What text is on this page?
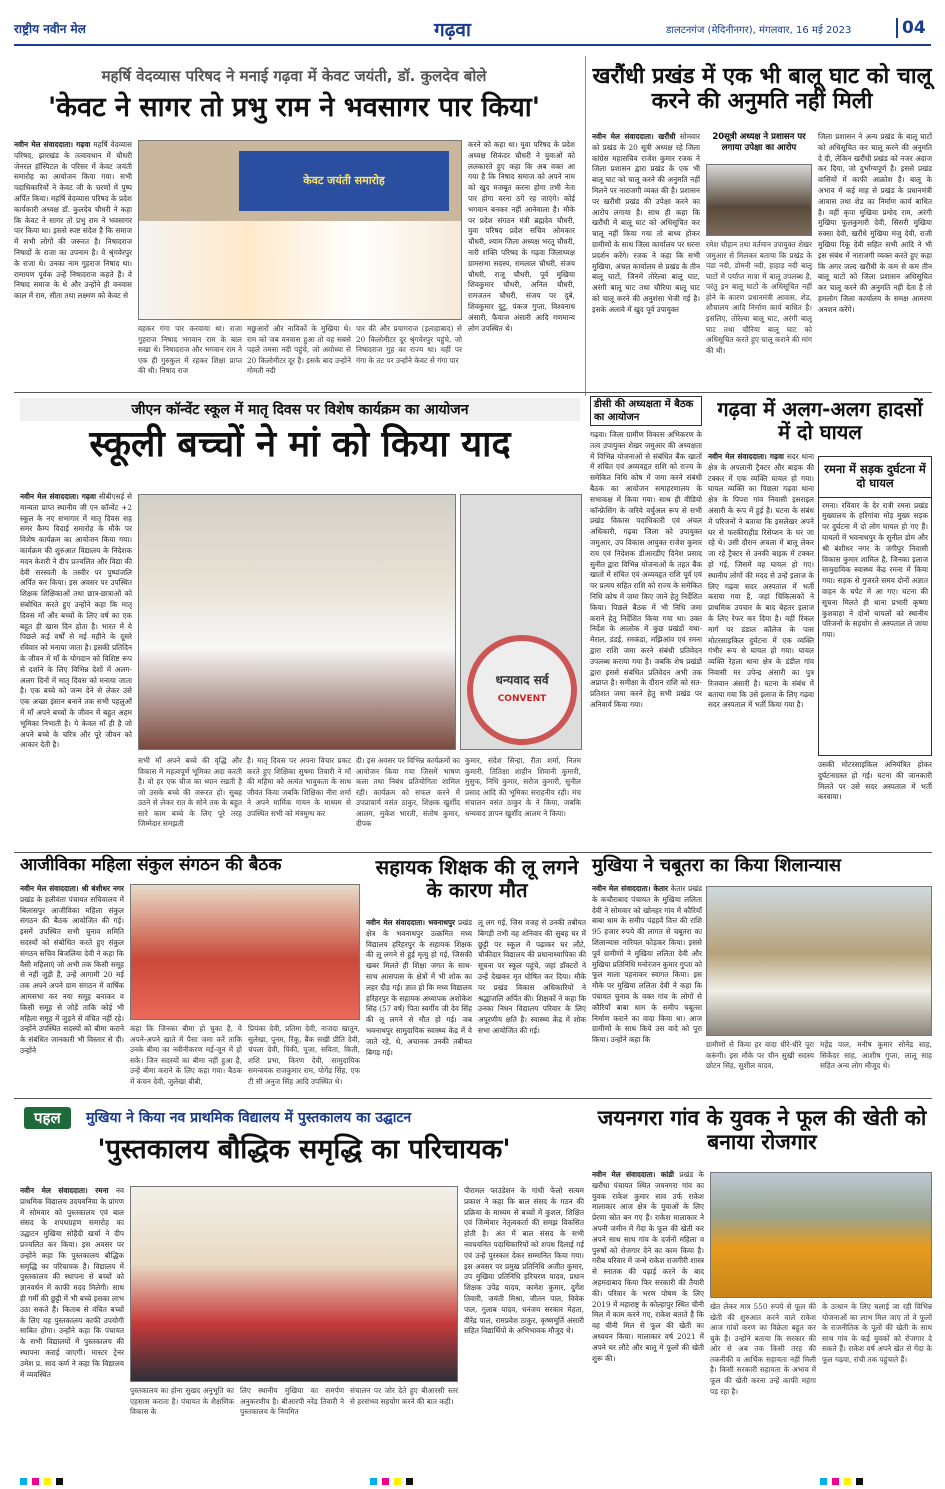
राष्ट्रीय नवीन मेल	गढ़वा	डालटनगंज (मेदिनीनगर), मंगलवार, 16 मई 2023	04
महर्षि वेदव्यास परिषद ने मनाई गढ़वा में केवट जयंती, डॉ. कुलदेव बोले
'केवट ने सागर तो प्रभु राम ने भवसागर पार किया'
नवीन मेल संवाददाता। गढ़वा महर्षि वेदव्यास परिषद, झारखंड के तत्वावधान में चौधरी जेनरल हॉस्पिटल के परिसर में केवट जयंती समारोह का आयोजन किया गया। सभी पदाधिकारियों ने केवट जी के चरणों में पुष्प अर्पित किया। महर्षि वेदव्यास परिषद के प्रदेश कार्यकारी अध्यक्ष डॉ. कुलदेव चौधरी ने कहा कि केवट ने सागर तो प्रभु राम ने भवसागर पार किया था। इससे स्पष्ट संदेश है कि समाज में सभी लोगों की जरूरत है। निषादराज निषादों के राजा का उपनाम है। वे श्रृंगवेरपुर के राजा थे। उनका नाम गुहराज निषाद था। रामायण पूर्वक उन्हें निषादराज कहते हैं। वे निषाद समाज के थे और उन्होंने ही वनवास काल में राम, सीता तथा लक्ष्मण को केवट से
केवट जयंती समारोह
करने को कहा था। युवा परिषद के प्रदेश अध्यक्ष सिकंदर चौधरी ने युवाओं को ललकारते हुए कहा कि अब वक्त आ गया है कि निषाद समाज को अपने नाम को खुद मजबूत करना होगा तभी नेता पार होगा वरना ठगे रह जाएंगे। कोई भगवान बनकर नहीं आनेवाला है। मौके पर प्रदेश संगठन मंत्री ब्रह्मदेव चौधरी, युवा परिषद प्रदेश सचिव ओमकार चौधरी, श्याम जिला अध्यक्ष भरतू चौधरी, नारी शक्ति परिषद के गढ़वा जिलाध्यक्ष ग्रामसभा सदस्य, रामलाल चौधरी, संजय चौधरी, राजू चौधरी, पूर्व मुखिया शिवकुमार चौधरी, अनिल चौधरी, रामजतन चौधरी, संजय पर दुबे, शिवकुमार दुटु, पंकज गुप्ता, विश्वनाथ अंसारी, फैयाज अंसारी आदि गणमान्य लोग उपस्थित थे।
वहकर गंगा पार करवाया था। राजा गुहराज निषाद भगवान राम के बाल सखा थे। निषादराज और भगवान राम ने एक ही गुरुकुल में रहकर शिक्षा प्राप्त की थी। निषाद राज
मछुआरों और नाविकों के मुखिया थे। राम को जब वनवास हुआ तो वह सबसे पहले तमसा नदी पहुंचे, जो अयोध्या से 20 किलोमीटर दूर है। इसके बाद उन्होंने गोमती नदी
पार की और प्रयागराज (इलाहाबाद) से 20 किलोमीटर दूर श्रृंगवेरपुर पहुंचे, जो निषादराज गुह का राज्य था। यहीं पर गंगा के तट पर उन्होंने केवट से गंगा पार
खरौंधी प्रखंड में एक भी बालू घाट को चालू करने की अनुमति नहीं मिली
नवीन मेल संवाददाता। खरौंधी सोमवार को प्रखंड के 20 सूत्री अध्यक्ष रहे जिला कांग्रेस महासचिव राजेश कुमार रजक ने जिला प्रशासन द्वारा प्रखंड के एक भी बालू घाट को चालू करने की अनुमति नहीं मिलने पर नाराजगी व्यक्त की है। प्रशासन पर खरौंधी प्रखंड की उपेक्षा करने का आरोप लगाया है। साथ ही कहा कि खरौंधी में बालू घाट को अधिसूचित कर चालू नहीं किया गया तो बाध्य होकर ग्रामीणों के साथ जिला कार्यालय पर धरना प्रदर्शन करेंगे। रजक ने कहा कि सभी मुखिया, अंचल कार्यालय से प्रखंड के तीन बालू घाटों, जिनमें तोरेल्वा बालू घाट, अरंगी बालू घाट तथा चौरिया बालू घाट को चालू करने की अनुशंसा भेजी गई है। इसके अलावे में खुद पूर्व उपायुक्त
20सूत्री अध्यक्ष ने प्रशासन पर लगाया उपेक्षा का आरोप
रमेश चौहान तथा वर्तमान उपायुक्त शेखर जमुआर से मिलकर बताया कि प्रखंड के पंडा नदी, डोमनी नदी, हाहाड़ नदी बालू घाटों में पर्याप्त मात्रा में बालू उपलब्ध है, परंतु इन बालू घाटों के अधिसूचित नहीं होने के कारण प्रधानमंत्री आवास, शेड, शौचालय आदि निर्माण कार्य बाधित है। इसलिए, तोरेल्वा बालू घाट, अरंगी बालू घाट तथा चौरिया बालू घाट को अधिसूचित करते हुए चालू कराने की मांग की थी।
जिला प्रशासन ने अन्य प्रखंड के बालू घाटों को अधिसूचित कर चालू करने की अनुमति दे दी, लेकिन खरौंधी प्रखंड को नजर अंदाज कर दिया, जो दुर्भाग्यपूर्ण है। इससे प्रखंड वासियों में काफी आक्रोश है। बालू के अभाव में कई माह से प्रखंड के प्रधानमंत्री आवास तथा शेड का निर्माण कार्य बाधित है। वहीं कृपा मुखिया प्रमोद राम, अरंगी मुखिया फूलकुमारी देवी, सिसरी मुखिया रुक्सा देवी, खरौंधे मुखिया मंजु देवी, राजी मुखिया रिंकू देवी सहित सभी आदि ने भी इस संबंध में नाराजगी व्यक्त करते हुए कहा कि अगर जल्द खरौंधी के कम से कम तीन बालू घाटों को जिला प्रशासन अधिसूचित कर चालू करने की अनुमति नहीं देता है तो हमलोग जिला कार्यालय के समक्ष आमरण अनशन करेंगे।
जीएन कॉन्वेंट स्कूल में मातृ दिवस पर विशेष कार्यक्रम का आयोजन
स्कूली बच्चों ने मां को किया याद
नवीन मेल संवाददाता। गढ़वा सीबीएसई से मान्यता प्राप्त स्थानीय जी एन कॉन्वेंट +2 स्कूल के नए सभागार में मातृ दिवस सह समर कैम्प विदाई समारोह के मौके पर विशेष कार्यक्रम का आयोजन किया गया। कार्यक्रम की शुरुआत विद्यालय के निदेशक मदन केशरी ने दीप प्रज्वलित और विद्या की देवी सरस्वती के तस्वीर पर पुष्पांजलि अर्पित कर किया। इस अवसर पर उपस्थित शिक्षक शिक्षिकाओं तथा छात्र-छात्राओं को संबोधित करते हुए उन्होंने कहा कि मातृ दिवस माँ और बच्चों के लिए वर्ष का एक बहुत ही खास दिन होता है। भारत में ये पिछले कई वर्षों से मई महीने के दूसरे रविवार को मनाया जाता है। इसकी प्रतिदिन के जीवन में माँ के योगदान को विशिष्ट रूप से दर्शाने के लिए विभिन्न देशों में अलग-अलग दिनों में मातृ दिवस को मनाया जाता है। एक बच्चे को जन्म देने से लेकर उसे एक अच्छा इंसान बनाने तक सभी पहलुओं में माँ अपने बच्चों के जीवन में बहुत अहम भूमिका निभाती है। ये केवल माँ ही है जो अपने बच्चे के चरित्र और पूरे जीवन को आकार देती है।
धन्यवाद सर्व
CONVENT
सभी माँ अपने बच्चे की वृद्धि और विकास में महत्वपूर्ण भूमिका अदा करती है। वो हर एक चीज का ध्यान रखती है जो उसके बच्चे की जरूरत हो। सुबह उठने से लेकर रात के सोने तक के बहुत सारे काम बच्चे के लिए पूरे तरह जिम्मेदार समझती
है। मातृ दिवस पर अपना विचार प्रकट करते हुए शिक्षिका सुषमा तिवारी ने माँ की महिमा को अत्यंत भावुकता के साथ जीवंत किया जबकि शिक्षिका नीरा शर्मा ने अपने मार्मिक गायन के माध्यम से उपस्थित सभी को मंत्रमुग्ध कर
दी। इस अवसर पर विभिन्न कार्यक्रमों का आयोजन किया गया जिसमें भाषण कला तथा निबंध प्रतियोगिता शामिल रही। कार्यक्रम को सफल करने में उपप्राचार्य वसंत ठाकुर, शिक्षक खुर्शीद आलम, मुकेश भारती, संतोष कुमार, दीपक
कुमार, संदेश सिन्हा, रीता शर्मा, नितम कुमारी, तितिक्षा शाहीन शिवानी कुमारी, मुसुफ, निधि कुमार, सरोज कुमारी, सुनील प्रसाद आदि की भूमिका सराहनीय रही। मंच संचालन वसंत ठाकुर के ने किया, जबकि धन्यवाद ज्ञापन खुर्शीद आलम ने किया।
डीसी की अध्यक्षता में बैठक का आयोजन
गढ़वा। जिला ग्रामीण विकास अभिकरण के तत्व उपायुक्त शेखर जमुआर की अध्यक्षता में विभिन्न योजनाओं से संबंधित बैंक खातों में संचित एवं अव्यवहृत राशि को राज्य के समेकित निधि कोष में जमा करने संबंधी बैठक का आयोजन समाहरणालय के सभाकक्ष में किया गया। साथ ही वीडियो कॉन्फ्रेंसिंग के जरिये वर्चुअल रूप से सभी प्रखंड विकास पदाधिकारी एवं अंचल अधिकारी, गढ़वा जिला को उपायुक्त जमुआर, उप विकास आयुक्त राजेश कुमार राय एवं निदेशक डीआरडीए दिनेश प्रसाद सुनीत द्वारा विभिन्न योजनाओं के तहत बैंक खातों में संचित एवं अव्यवहृत राशि पूर्व एवं पर प्रत्यय सहित राशि को राज्य के समेकित निधि कोष में जमा किए जाने हेतु निर्देशित किया। पिछले बैठक में भी निधि जमा कराने हेतु निर्देशित किया गया था। उक्त निर्देश के आलोक में कुछ प्रखंडों यथा- मेराल, डंडई, रमकंडा, मझिआंव एवं रमना द्वारा राशि जमा करने संबंधी प्रतिवेदन उपलब्ध कराया गया है। जबकि शेष प्रखंडों द्वारा इससे संबंधित प्रतिवेदन अभी तक अप्राप्त है। समीक्षा के दौरान राशि को सत-प्रतिशत जमा करने हेतु सभी प्रखंड पर अनिवार्य किया गया।
गढ़वा में अलग-अलग हादसों में दो घायल
नवीन मेल संवाददाता। गढ़वा सदर थाना क्षेत्र के अपलानी ट्रैक्टर और बाइक की टक्कर में एक व्यक्ति घायल हो गया। घायल व्यक्ति का पिछला गढ़वा थाना क्षेत्र के पिपरा गांव निवासी इसराइल अंसारी के रूप में हुई है। घटना के संबंध में परिजनों ने बताया कि इसलेखर अपने घर से फरकीराहीड रिसेप्शन के घर जा रहे थे। उसी दौरान अचला में बालू लेकर जा रहे ट्रैक्टर से उनकी बाइक में टक्कर हो गई, जिसमें वह घायल हो गए। स्थानीय लोगों की मदद से उन्हें इलाज के लिए गढ़वा सदर अस्पताल में भर्ती कराया गया है, जहां चिकित्सकों ने प्राथमिक उपचार के बाद बेहतर इलाज के लिए रेफर कर दिया है। वहीं रिंकल मार्ग पर डंडाल कॉलेज के पास मोटरसाइकिल दुर्घटना में एक व्यक्ति गंभीर रूप से घायल हो गया। घायल व्यक्ति रेहला थाना क्षेत्र के डंडील गांव निवासी मर उपेन्द्र अंसारी का पुत्र रिजवान अंसारी है। घटना के संबंध में बताया गया कि उसे इलाज के लिए गढ़वा सदर अस्पताल में भर्ती किया गया है।
रमना में सड़क दुर्घटना में दो घायल
रमना। रविवार के देर रात्री रमना प्रखंड मुख्यालय के हरिगांवा मोड़ मुख्य सड़क पर दुर्घटना में दो लोग घायल हो गए हैं। घायलों में भवनाथपुर के सुनील डोम और श्री बंशीधर नगर के जंगीपुर निवासी विकास कुमार शामिल है, जिनका इलाज सामुदायिक स्वास्थ्य केंद्र रमना में किया गया। सड़क से गुजरते समय दोनों अज्ञात वाहन के चपेट में आ गए। घटना की सूचना मिलते ही थाना प्रभारी कृष्णा कुशवाहा ने दोनों घायलों को स्थानीय परिजनों के सहयोग से अस्पताल ले जाया गया।
उसकी मोटरसाइकिल अनियंत्रित होकर दुर्घटनाग्रस्त हो गई। घटना की जानकारी मिलते पर उसे सदर अस्पताल में भर्ती करवाया।
आजीविका महिला संकुल संगठन की बैठक
नवीन मेल संवाददाता। श्री बंशीधर नगर प्रखंड के हलीवंता पंचायत सचिवालय में बिलासपुर आजीविका महिला संकुल संगठन की बैठक आयोजित की गई। इसमें उपस्थित सभी चुनाव समिति सदस्यों को संबोधित करते हुए संकुल संगठन सचिव बिजलिया देवी ने कहा कि वैसी महिलाएं जो अभी तक किसी समूह से नहीं जुड़ी हैं, उन्हें आगामी 20 मई तक अपने अपने ग्राम संगठन में वार्षिक आमसभा कर नया समूह बनाकर व किसी समूह से जोड़ें ताकि कोई भी महिला समूह में जुड़ने से वंचित नहीं रहे। उन्होंने उपस्थित सदस्यों को बीमा कराने के संबंधित जानकारी भी विस्तार से दी। उन्होंने
कहा कि जिनका बीमा हो चुका है, वे अपने-अपने खाते में पैसा जमा करें ताकि उनके बीमा का नवीनीकरण मई-जून में हो सके। जिन सदस्यों का बीमा नहीं हुआ है, उन्हें बीमा कराने के लिए कहा गया। बैठक में कंचन देवी, जुलेखा बीबी,
प्रियंका देवी, प्रतिमा देवी, नाजदा खातून, सुलेखा, पूनम, रिंकू, बैंक सखी प्रीति देवी, चंपला देवी, पिंकी, पूजा, सविता, किती, शशि प्रभा, किरण देवी, सामुदायिक समन्वयक राजकुमार राम, योगेंद्र सिंह, एफ टी सी अनुज सिंह आदि उपस्थित थे।
सहायक शिक्षक की लू लगने के कारण मौत
नवीन मेल संवाददाता। भवनाथपुर प्रखंड क्षेत्र के भवनाथपुर उत्क्रमित मध्य विद्यालय हरिहरपुर के सहायक शिक्षक की लू लगने से हुई मृत्यु हो गई, जिसकी खबर मिलते ही शिक्षा जगत के साथ-साथ आसपास के क्षेत्रों में भी शोक का लहर दौड़ गई। ज्ञात हो कि मध्य विद्यालय हरिहरपुर के सहायक अध्यापक अशोकेश सिंह (57 वर्ष) पिता स्वर्गीय जी देव सिंह की लू लगने से मौत हो गई। जब भवनाथपुर सामुदायिक स्वास्थ्य केंद्र में वे जाते रहे, थे, अचानक उनकी तबीयत बिगड़ गई।
लू लग गई, जिस वजह से उनकी तबीयत बिगड़ी तभी वह शनिवार की सुबह घर में छुट्टी पर स्कूल में पढ़ाकर घर लौटे, चौकीदार विद्यालय की प्रधानाध्यापिका की सूचना पर स्कूल पहुंचे, जहां डॉक्टरों ने उन्हें देखकर मृत घोषित कर दिया। मौके पर प्रखंड विकास अधिकारियों ने श्रद्धांजलि अर्पित की। शिक्षकों ने कहा कि उनका निधन विद्यालय परिवार के लिए अपूरणीय क्षति है। स्वास्थ्य केंद्र में शोक सभा आयोजित की गई।
मुखिया ने चबूतरा का किया शिलान्यास
नवीन मेल संवाददाता। केतार केतार प्रखंड के कचौराबाद पंचायत के मुखिया ललिता देवी ने सोमवार को खोनहर गांव में कौरियाँ बाबा धाम के समीप पंद्रहवें वित्त की राशि 95 हजार रुपये की लागत से चबूतरा का शिलान्यास नारियल फोड़कर किया। इससे पूर्व ग्रामीणों ने मुखिया ललिता देवी और मुखिया प्रतिनिधि मनोरंजन कुमार गुप्ता को फूल माला पहनाकर स्वागत किया। इस मौके पर मुखिया ललिता देवी ने कहा कि पंचायत चुनाव के वक्त गांव के लोगों से कौरियाँ बाबा धाम के समीप चबूतरा निर्माण कराने का वादा किया था। आज ग्रामीणों के साथ किये उस वादे को पूरा किया। उन्होंने कहा कि
ग्रामीणों से किया हर वादा धीरे-धीरे पूरा करूंगी। इस मौके पर चीन सुखी सदस्य छोटन सिंह, सुशील यादव,
महेंद्र पाल, मनीष कुमार सोनेंद्र साह, सिकेंदर साह, आशीष गुप्ता, लालू साह सहित अन्य लोग मौजूद थे।
पहल	मुखिया ने किया नव प्राथमिक विद्यालय में पुस्तकालय का उद्घाटन
'पुस्तकालय बौद्धिक समृद्धि का परिचायक'
नवीन मेल संवाददाता। रमना नव प्राथमिक विद्यालय उदयवनिया के प्रांगण में सोमवार को पुस्तकालय एवं बाल संसद के शपथग्रहण समारोह का उद्घाटन मुखिया सोहैदी खर्चा ने दीप प्रज्वलित कर किया। इस अवसर पर उन्होंने कहा कि पुस्तकालय बौद्धिक समृद्धि का परिचायक है। विद्यालय में पुस्तकालय की स्थापना से बच्चों को ज्ञानवर्धन में काफी मदद मिलेगी। साथ ही गर्मी की छुट्टी में भी बच्चे इसका लाभ उठा सकते हैं। किताब से वंचित बच्चों के लिए यह पुस्तकालय काफी उपयोगी साबित होगा। उन्होंने कहा कि पंचायत के सभी विद्यालयों में पुस्तकालय की स्थापना कराई जाएगी। मास्टर ट्रेनर उमेश प्र. साद कर्ण ने कहा कि विद्यालय में व्यवस्थित
पुस्तकालय का होना सुखद अनुभूति का एहसास कराता है। पंचायत के शैक्षणिक विकास के
लिए स्थानीय मुखिया का समर्पण अनुकरणीय है। बीआरपी नरेंद्र तिवारी ने पुस्तकालय के नियमित
संचालन पर जोर देते हुए बीआरसी स्तर से हरसंभव सहयोग करने की बात कही।
पीरामल फाउंडेशन के गांधी फेलो सत्यम प्रकाश ने कहा कि बाल संसद के गठन की प्रक्रिया के माध्यम से बच्चों में कुशल, शिक्षित एवं जिम्मेवार नेतृत्वकर्ता की समझ विकसित होती है। अंत में बाल संसद के सभी नवचयनित पदाधिकारियों को शपथ दिलाई गई एवं उन्हें पुरस्कार देकर सम्मानित किया गया। इस अवसर पर प्रमुख प्रतिनिधि अजीत कुमार, उप मुखिया प्रतिनिधि हरिचरण यादव, प्रधान शिक्षक उपेंद्र यादव, कामेश कुमार, दुर्गेश तिवारी, जयंती मिश्रा, जीतन पाल, विवेक पाल, गुलाब यादव, धनंजय सरकार मेहता, वीरेंद्र पाल, रामप्रवेश ठाकुर, कृष्णमूर्ति अंसारी सहित विद्यार्थियों के अभिभावक मौजूद थे।
जयनगरा गांव के युवक ने फूल की खेती को बनाया रोजगार
नवीन मेल संवाददाता। कांडी प्रखंड के खरौंधा पंचायत स्थित जयनगरा गांव का युवक राकेश कुमार साव उर्फ राकेश मालाकार आज क्षेत्र के युवाओं के लिए प्रेरणा स्रोत बन गए हैं। राकेश मालाकार ने अपनी जमीन में गेंदा के फूल की खेती कर अपने साथ साथ गांव के दर्जनों महिला व पुरुषों को रोजगार देने का काम किया है। गरीब परिवार में जन्मे राकेश राजगीरी शास्त्र से स्नातक की पढ़ाई करने के बाद अहमदाबाद किया फिर सरकारी की तैयारी की। परिवार के भरण पोषण के लिए 2019 में महाराष्ट्र के कोल्हापुर स्थित चीनी मिल में काम करने गए, राकेश बताते हैं कि वह चीनी मिल से फूल की खेती का अध्ययन किया। मालाकार वर्ष 2021 में अपने घर लौटे और बालू में फूलों की खेती शुरू की।
खेत लेकर मात्र 550 रुपये से फूल की खेती की शुरुआत करने वाले राकेश आज गांवों करण का विक्रेता बहुत कर चुके हैं। उन्होंने बताया कि सरकार की ओर से अब तक किसी तरह की तकनीकी व आर्थिक सहायता नहीं मिली है। किसी सरकारी सहायता के अभाव में फूल की खेती करना उन्हें काफी महंगा पड़ रहा है।
के उत्थान के लिए चलाई जा रही विभिन्न योजनाओं का लाभ मिल जाए तो वे फूलों के राजनीतिक के पूलों की खेती के साथ साथ गांव के कई युवकों को रोजगार दे सकते हैं। राकेश वर्ष अपने खेत से गेंदा के फूल गढ़वा, रांची तक पहुंचाते हैं।
